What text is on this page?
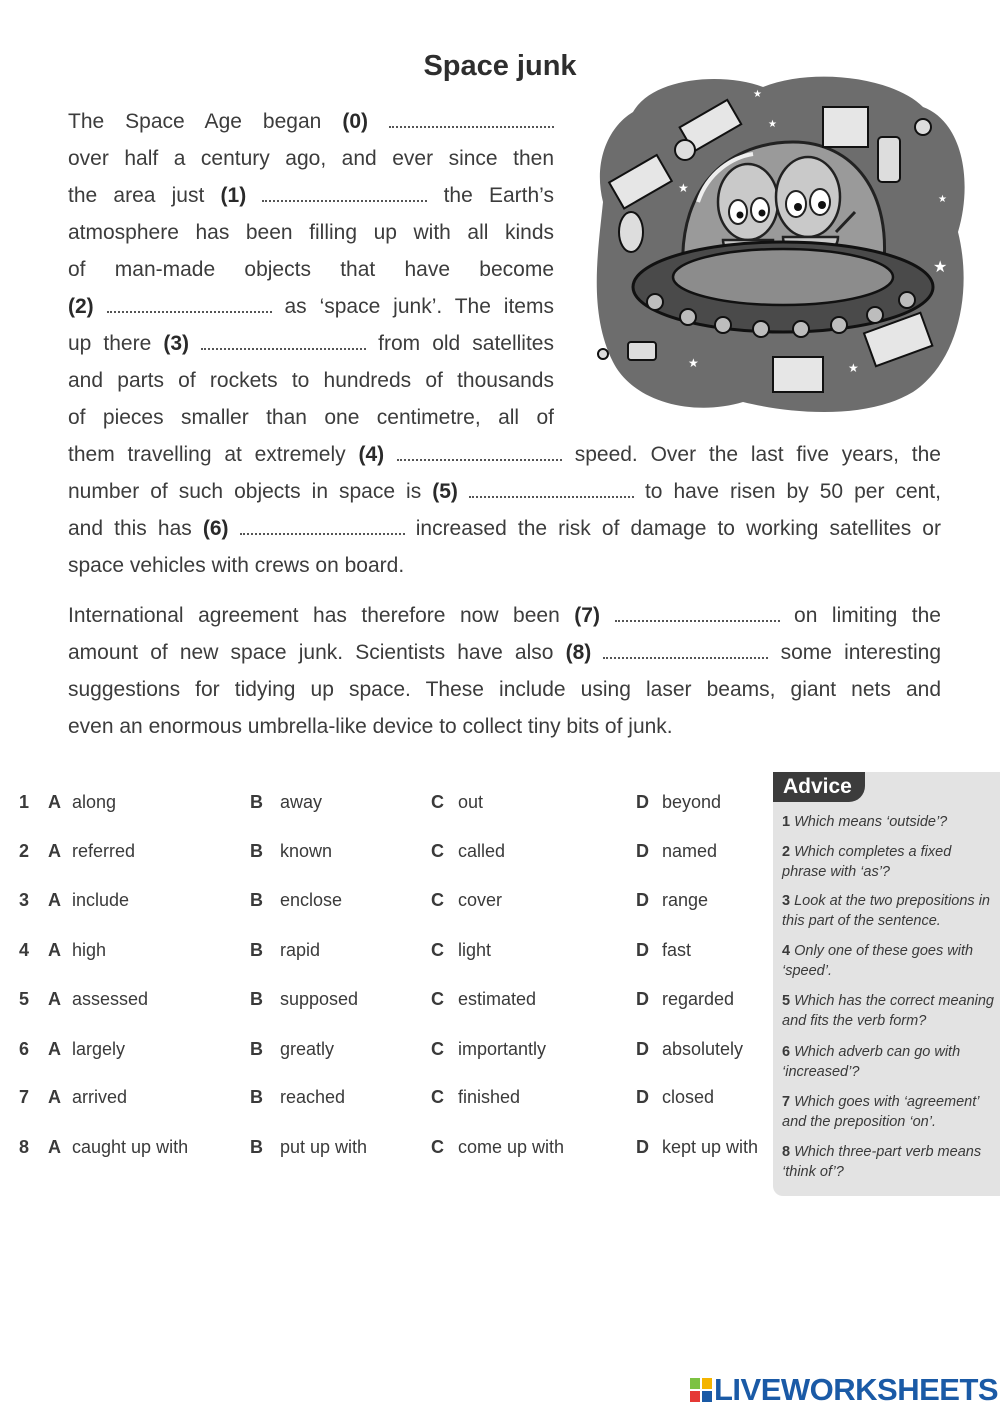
Space junk
The Space Age began (0)
over half a century ago, and ever since then
the area just (1)	the Earth’s
atmosphere has been filling up with all kinds
of man-made objects that have become
(2)	as ‘space junk’. The items
up there (3)	from old satellites
and parts of rockets to hundreds of thousands
of pieces smaller than one centimetre, all of
them travelling at extremely (4)	speed. Over the last five years, the
number of such objects in space is (5)	to have risen by 50 per cent,
and this has (6)	increased the risk of damage to working satellites or
space vehicles with crews on board.
International agreement has therefore now been (7)	on limiting the
amount of new space junk. Scientists have also (8)	some interesting
suggestions for tidying up space. These include using laser beams, giant nets and
even an enormous umbrella-like device to collect tiny bits of junk.
★
★
★
★	★
★
★
1 A along	B away	C out	D beyond
2 A referred	B known	C called	D named
3 A include	B enclose	C cover	D range
4 A high	B rapid	C light	D fast
5 A assessed	B supposed	C estimated	D regarded
6 A largely	B greatly	C importantly	D absolutely
7 A arrived	B reached	C finished	D closed
8 A caught up with	B put up with	C come up with	D kept up with
Advice
1 Which means ‘outside’?
2 Which completes a fixed phrase with ‘as’?
3 Look at the two prepositions in this part of the sentence.
4 Only one of these goes with ‘speed’.
5 Which has the correct meaning and fits the verb form?
6 Which adverb can go with ‘increased’?
7 Which goes with ‘agreement’ and the preposition ‘on’.
8 Which three-part verb means ‘think of’?
LIVEWORKSHEETS
